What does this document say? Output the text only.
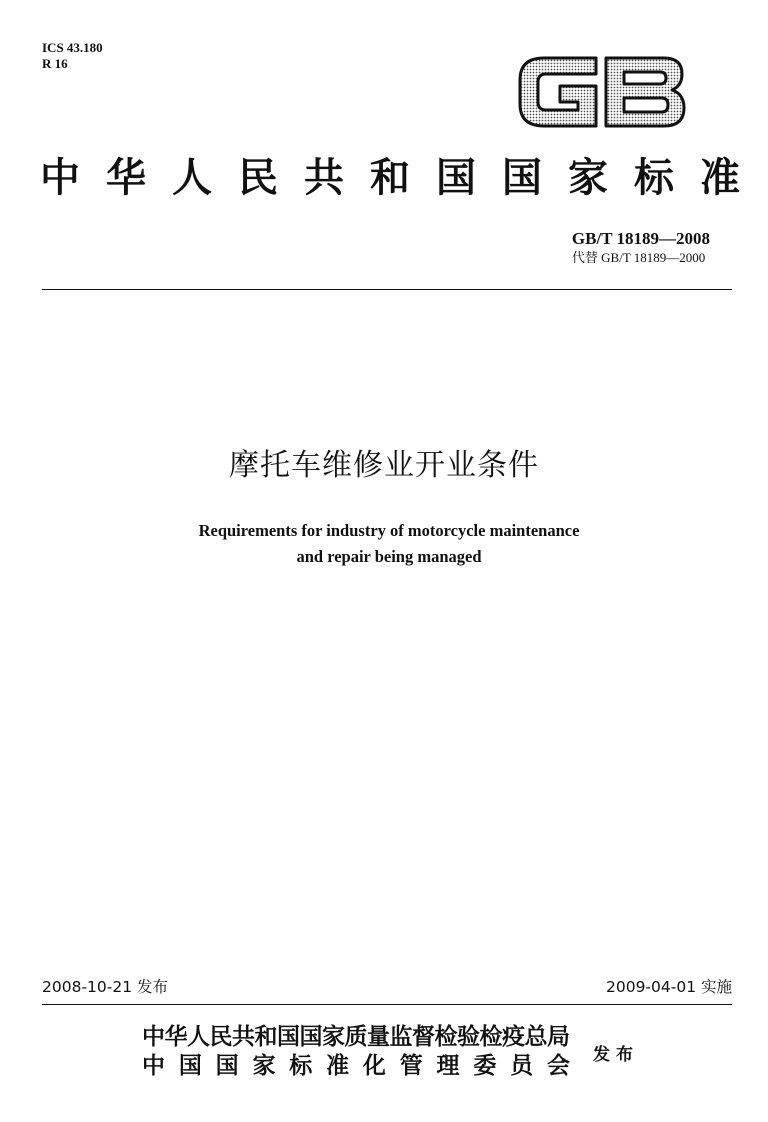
ICS 43.180
R 16
中 华 人 民 共 和 国 国 家 标 准
GB/T 18189—2008
代替 GB/T 18189—2000
摩托车维修业开业条件
Requirements for industry of motorcycle maintenance
and repair being managed
2008-10-21 发布	2009-04-01 实施
中华人民共和国国家质量监督检验检疫总局
中 国 国 家 标 准 化 管 理 委 员 会 发布
